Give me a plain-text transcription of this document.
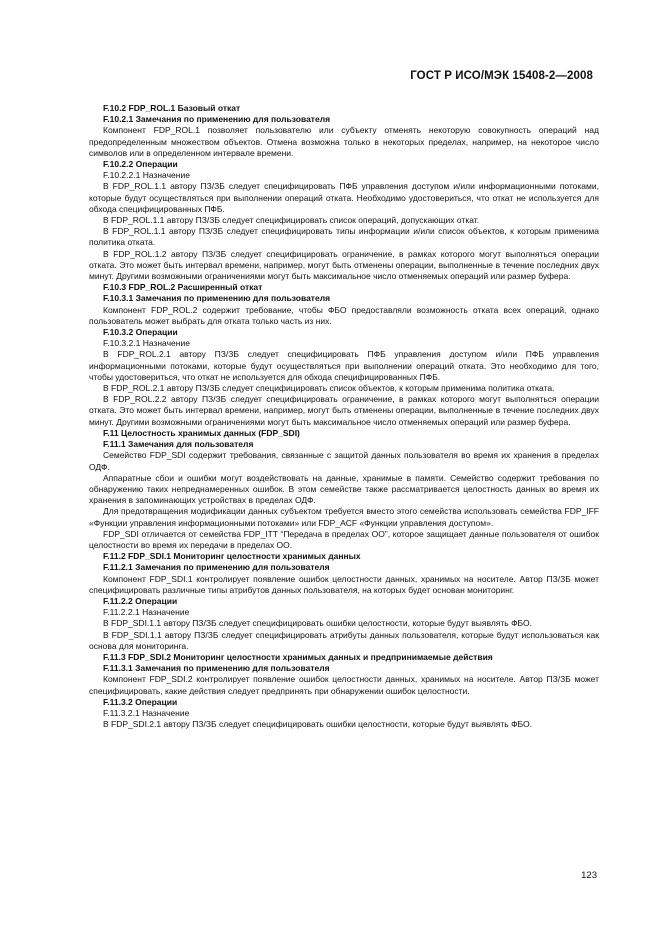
ГОСТ Р ИСО/МЭК 15408-2—2008

F.10.2 FDP_ROL.1 Базовый откат

F.10.2.1 Замечания по применению для пользователя

Компонент FDP_ROL.1 позволяет пользователю или субъекту отменять некоторую совокупность операций над предопределенным множеством объектов. Отмена возможна только в некоторых пределах, например, на некоторое число символов или в определенном интервале времени.

F.10.2.2 Операции

F.10.2.2.1 Назначение

В FDP_ROL.1.1 автору ПЗ/ЗБ следует специфицировать ПФБ управления доступом и/или информационными потоками, которые будут осуществляться при выполнении операций отката. Необходимо удостовериться, что откат не используется для обхода специфицированных ПФБ.

В FDP_ROL.1.1 автору ПЗ/ЗБ следует специфицировать список операций, допускающих откат.

В FDP_ROL.1.1 автору ПЗ/ЗБ следует специфицировать типы информации и/или список объектов, к которым применима политика отката.

В FDP_ROL.1.2 автору ПЗ/ЗБ следует специфицировать ограничение, в рамках которого могут выполняться операции отката. Это может быть интервал времени, например, могут быть отменены операции, выполненные в течение последних двух минут. Другими возможными ограничениями могут быть максимальное число отменяемых операций или размер буфера.

F.10.3 FDP_ROL.2 Расширенный откат

F.10.3.1 Замечания по применению для пользователя

Компонент FDP_ROL.2 содержит требование, чтобы ФБО предоставляли возможность отката всех операций, однако пользователь может выбрать для отката только часть из них.

F.10.3.2 Операции

F.10.3.2.1 Назначение

В FDP_ROL.2.1 автору ПЗ/ЗБ следует специфицировать ПФБ управления доступом и/или ПФБ управления информационными потоками, которые будут осуществляться при выполнении операций отката. Это необходимо для того, чтобы удостовериться, что откат не используется для обхода специфицированных ПФБ.

В FDP_ROL.2.1 автору ПЗ/ЗБ следует специфицировать список объектов, к которым применима политика отката.

В FDP_ROL.2.2 автору ПЗ/ЗБ следует специфицировать ограничение, в рамках которого могут выполняться операции отката. Это может быть интервал времени, например, могут быть отменены операции, выполненные в течение последних двух минут. Другими возможными ограничениями могут быть максимальное число отменяемых операций или размер буфера.

F.11 Целостность хранимых данных (FDP_SDI)

F.11.1 Замечания для пользователя

Семейство FDP_SDI содержит требования, связанные с защитой данных пользователя во время их хранения в пределах ОДФ.

Аппаратные сбои и ошибки могут воздействовать на данные, хранимые в памяти. Семейство содержит требования по обнаружению таких непреднамеренных ошибок. В этом семействе также рассматривается целостность данных во время их хранения в запоминающих устройствах в пределах ОДФ.

Для предотвращения модификации данных субъектом требуется вместо этого семейства использовать семейства FDP_IFF «Функции управления информационными потоками» или FDP_ACF «Функции управления доступом».

FDP_SDI отличается от семейства FDP_ITT “Передача в пределах ОО”, которое защищает данные пользователя от ошибок целостности во время их передачи в пределах ОО.

F.11.2 FDP_SDI.1 Мониторинг целостности хранимых данных

F.11.2.1 Замечания по применению для пользователя

Компонент FDP_SDI.1 контролирует появление ошибок целостности данных, хранимых на носителе. Автор ПЗ/ЗБ может специфицировать различные типы атрибутов данных пользователя, на которых будет основан мониторинг.

F.11.2.2 Операции

F.11.2.2.1 Назначение

В FDP_SDI.1.1 автору ПЗ/ЗБ следует специфицировать ошибки целостности, которые будут выявлять ФБО.

В FDP_SDI.1.1 автору ПЗ/ЗБ следует специфицировать атрибуты данных пользователя, которые будут использоваться как основа для мониторинга.

F.11.3 FDP_SDI.2 Мониторинг целостности хранимых данных и предпринимаемые действия

F.11.3.1 Замечания по применению для пользователя

Компонент FDP_SDI.2 контролирует появление ошибок целостности данных, хранимых на носителе. Автор ПЗ/ЗБ может специфицировать, какие действия следует предпринять при обнаружении ошибок целостности.

F.11.3.2 Операции

F.11.3.2.1 Назначение

В FDP_SDI.2.1 автору ПЗ/ЗБ следует специфицировать ошибки целостности, которые будут выявлять ФБО.

123
